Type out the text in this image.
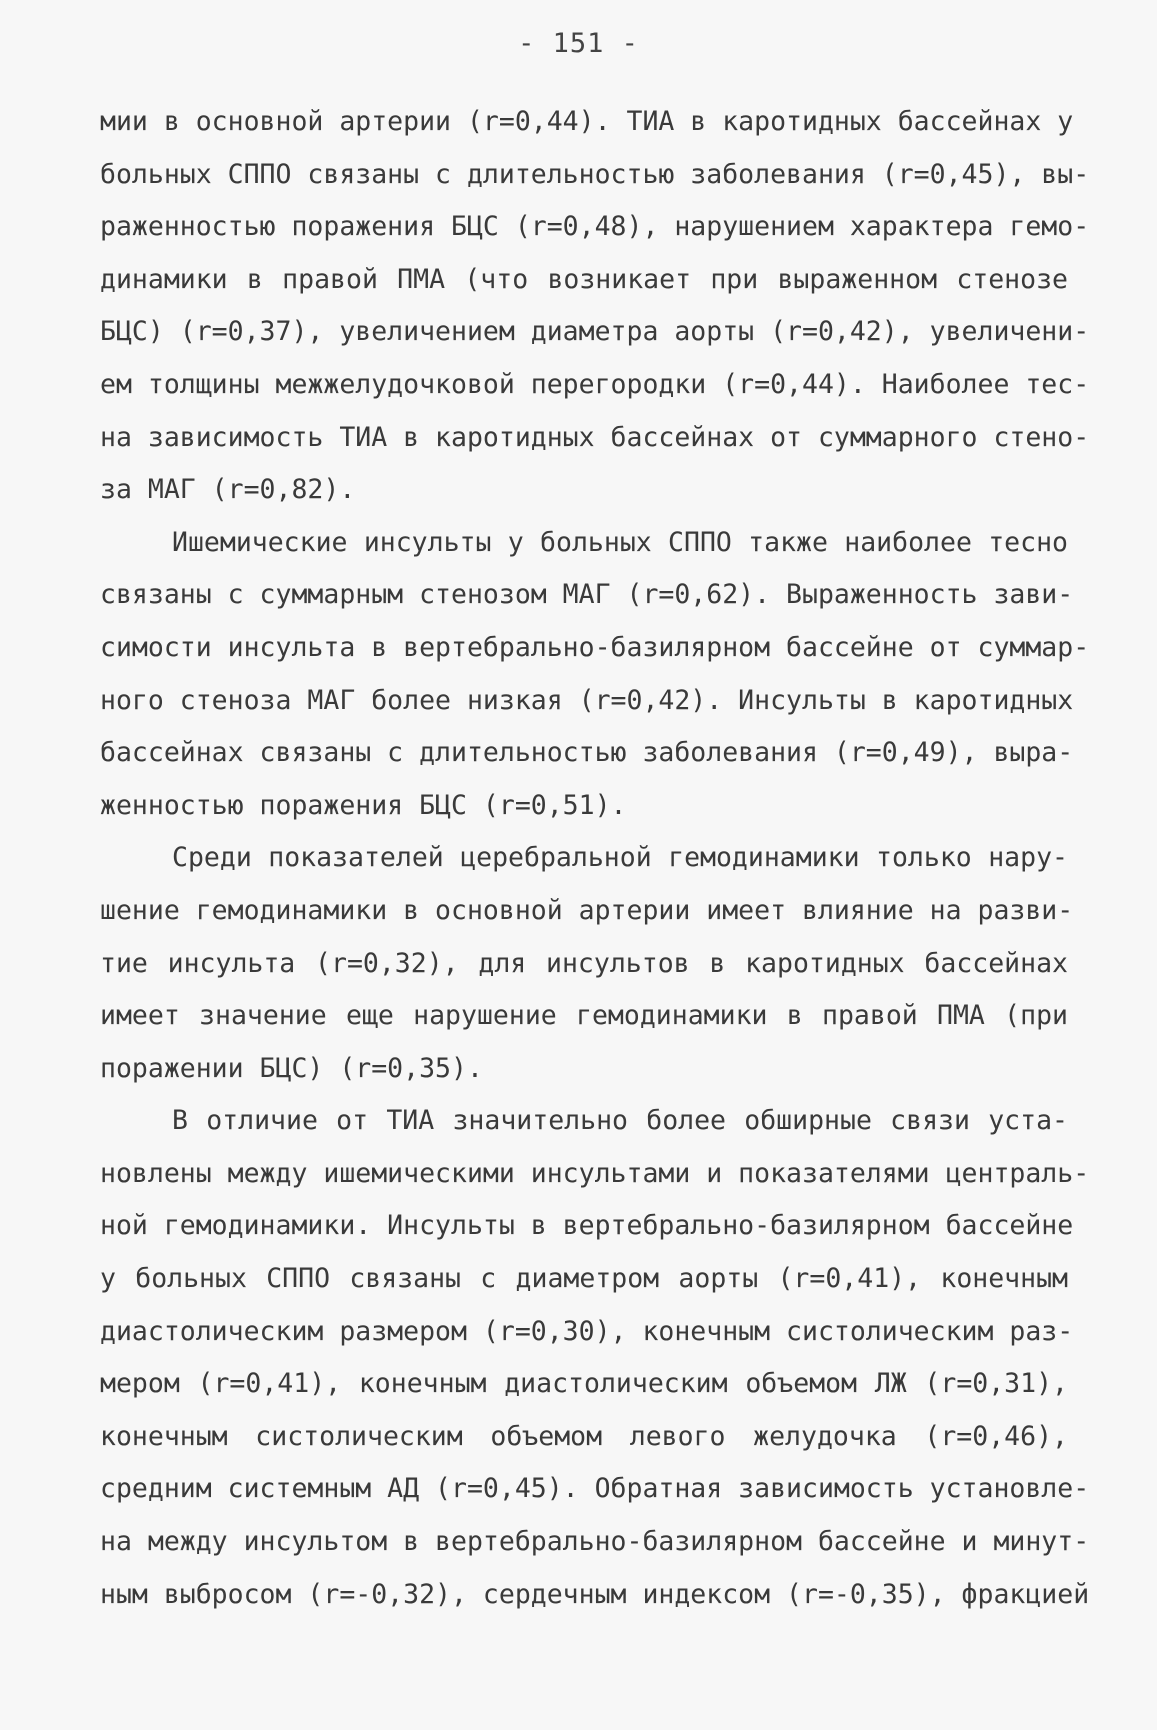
- 151 -
мии в основной артерии (r=0,44). ТИА в каротидных бассейнах у
больных СППО связаны с длительностью заболевания (r=0,45), вы-
раженностью поражения БЦС (r=0,48), нарушением характера гемо-
динамики в правой ПМА (что возникает при выраженном стенозе
БЦС) (r=0,37), увеличением диаметра аорты (r=0,42), увеличени-
ем толщины межжелудочковой перегородки (r=0,44). Наиболее тес-
на зависимость ТИА в каротидных бассейнах от суммарного стено-
за МАГ (r=0,82).
Ишемические инсульты у больных СППО также наиболее тесно
связаны с суммарным стенозом МАГ (r=0,62). Выраженность зави-
симости инсульта в вертебрально-базилярном бассейне от суммар-
ного стеноза МАГ более низкая (r=0,42). Инсульты в каротидных
бассейнах связаны с длительностью заболевания (r=0,49), выра-
женностью поражения БЦС (r=0,51).
Среди показателей церебральной гемодинамики только нару-
шение гемодинамики в основной артерии имеет влияние на разви-
тие инсульта (r=0,32), для инсультов в каротидных бассейнах
имеет значение еще нарушение гемодинамики в правой ПМА (при
поражении БЦС) (r=0,35).
В отличие от ТИА значительно более обширные связи уста-
новлены между ишемическими инсультами и показателями централь-
ной гемодинамики. Инсульты в вертебрально-базилярном бассейне
у больных СППО связаны с диаметром аорты (r=0,41), конечным
диастолическим размером (r=0,30), конечным систолическим раз-
мером (r=0,41), конечным диастолическим объемом ЛЖ (r=0,31),
конечным систолическим объемом левого желудочка (r=0,46),
средним системным АД (r=0,45). Обратная зависимость установле-
на между инсультом в вертебрально-базилярном бассейне и минут-
ным выбросом (r=-0,32), сердечным индексом (r=-0,35), фракцией
